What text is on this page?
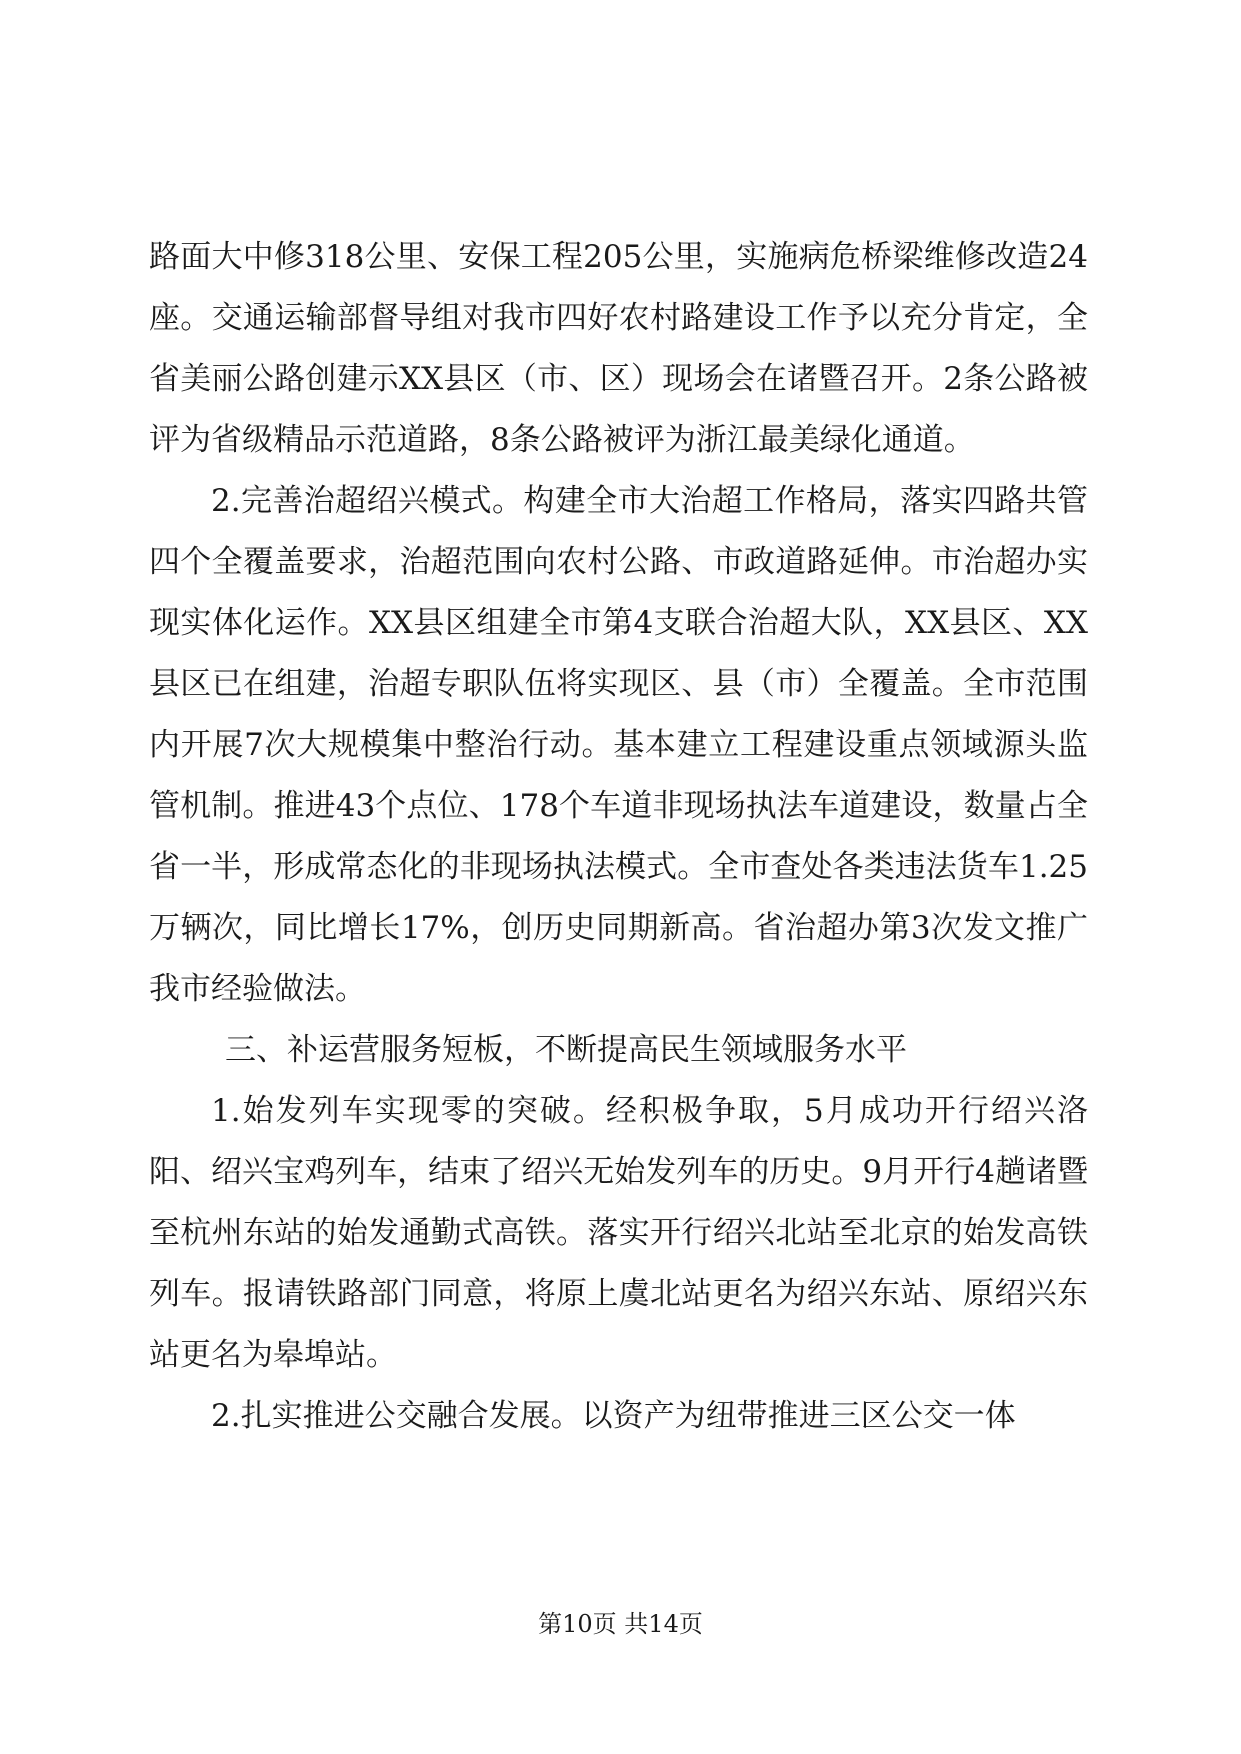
路面大中修318公里、安保工程205公里，实施病危桥梁维修改造24座。交通运输部督导组对我市四好农村路建设工作予以充分肯定，全省美丽公路创建示XX县区（市、区）现场会在诸暨召开。2条公路被评为省级精品示范道路，8条公路被评为浙江最美绿化通道。

2.完善治超绍兴模式。构建全市大治超工作格局，落实四路共管四个全覆盖要求，治超范围向农村公路、市政道路延伸。市治超办实现实体化运作。XX县区组建全市第4支联合治超大队，XX县区、XX县区已在组建，治超专职队伍将实现区、县（市）全覆盖。全市范围内开展7次大规模集中整治行动。基本建立工程建设重点领域源头监管机制。推进43个点位、178个车道非现场执法车道建设，数量占全省一半，形成常态化的非现场执法模式。全市查处各类违法货车1.25万辆次，同比增长17%，创历史同期新高。省治超办第3次发文推广我市经验做法。

三、补运营服务短板，不断提高民生领域服务水平

1.始发列车实现零的突破。经积极争取，5月成功开行绍兴洛阳、绍兴宝鸡列车，结束了绍兴无始发列车的历史。9月开行4趟诸暨至杭州东站的始发通勤式高铁。落实开行绍兴北站至北京的始发高铁列车。报请铁路部门同意，将原上虞北站更名为绍兴东站、原绍兴东站更名为皋埠站。

2.扎实推进公交融合发展。以资产为纽带推进三区公交一体

第10页 共14页
